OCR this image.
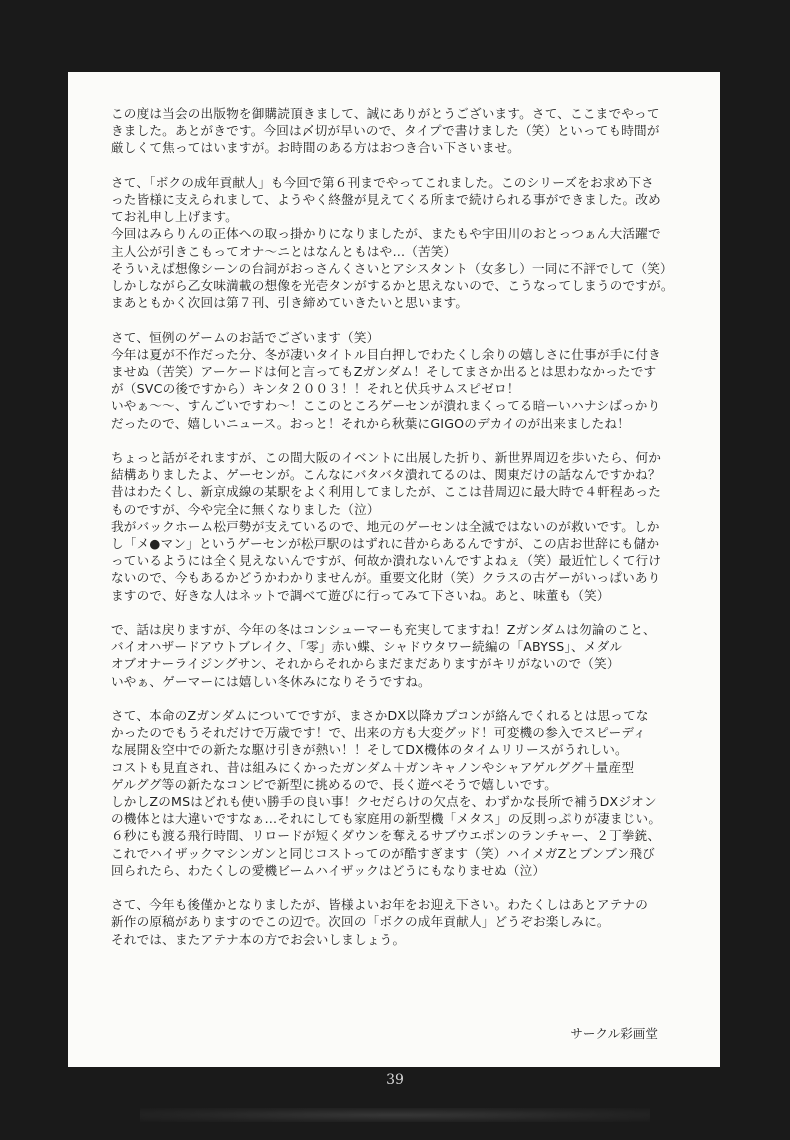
この度は当会の出版物を御購読頂きまして、誠にありがとうございます。さて、ここまでやって
きました。あとがきです。今回は〆切が早いので、タイプで書けました（笑）といっても時間が
厳しくて焦ってはいますが。お時間のある方はおつき合い下さいませ。
さて、「ボクの成年貢献人」も今回で第６刊までやってこれました。このシリーズをお求め下さ
った皆様に支えられまして、ようやく終盤が見えてくる所まで続けられる事ができました。改め
てお礼申し上げます。
今回はみらりんの正体への取っ掛かりになりましたが、またもや宇田川のおとっつぁん大活躍で
主人公が引きこもってオナ～ニとはなんともはや…（苦笑）
そういえば想像シーンの台詞がおっさんくさいとアシスタント（女多し）一同に不評でして（笑）
しかしながら乙女味満載の想像を光壱タンがするかと思えないので、こうなってしまうのですが。
まあともかく次回は第７刊、引き締めていきたいと思います。
さて、恒例のゲームのお話でございます（笑）
今年は夏が不作だった分、冬が凄いタイトル目白押しでわたくし余りの嬉しさに仕事が手に付き
ませぬ（苦笑）アーケードは何と言ってもZガンダム！そしてまさか出るとは思わなかったです
が（SVCの後ですから）キンタ２００３！！それと伏兵サムスピゼロ！
いやぁ～～、すんごいですわ～！ここのところゲーセンが潰れまくってる暗ーいハナシばっかり
だったので、嬉しいニュース。おっと！それから秋葉にGIGOのデカイのが出来ましたね！
ちょっと話がそれますが、この間大阪のイベントに出展した折り、新世界周辺を歩いたら、何か
結構ありましたよ、ゲーセンが。こんなにバタバタ潰れてるのは、関東だけの話なんですかね？
昔はわたくし、新京成線の某駅をよく利用してましたが、ここは昔周辺に最大時で４軒程あった
ものですが、今や完全に無くなりました（泣）
我がバックホーム松戸勢が支えているので、地元のゲーセンは全滅ではないのが救いです。しか
し「メ●マン」というゲーセンが松戸駅のはずれに昔からあるんですが、この店お世辞にも儲か
っているようには全く見えないんですが、何故か潰れないんですよねぇ（笑）最近忙しくて行け
ないので、今もあるかどうかわかりませんが。重要文化財（笑）クラスの古ゲーがいっぱいあり
ますので、好きな人はネットで調べて遊びに行ってみて下さいね。あと、味董も（笑）
で、話は戻りますが、今年の冬はコンシューマーも充実してますね！Zガンダムは勿論のこと、
バイオハザードアウトブレイク、「零」赤い蝶、シャドウタワー続編の「ABYSS」、メダル
オブオナーライジングサン、それからそれからまだまだありますがキリがないので（笑）
いやぁ、ゲーマーには嬉しい冬休みになりそうですね。
さて、本命のZガンダムについてですが、まさかDX以降カプコンが絡んでくれるとは思ってな
かったのでもうそれだけで万歳です！で、出来の方も大変グッド！可変機の参入でスピーディ
な展開＆空中での新たな駆け引きが熱い！！そしてDX機体のタイムリリースがうれしい。
コストも見直され、昔は組みにくかったガンダム＋ガンキャノンやシャアゲルググ＋量産型
ゲルググ等の新たなコンビで新型に挑めるので、長く遊べそうで嬉しいです。
しかしZのMSはどれも使い勝手の良い事！クセだらけの欠点を、わずかな長所で補うDXジオン
の機体とは大違いですなぁ…それにしても家庭用の新型機「メタス」の反則っぷりが凄まじい。
６秒にも渡る飛行時間、リロードが短くダウンを奪えるサブウエポンのランチャー、２丁拳銃、
これでハイザックマシンガンと同じコストってのが酷すぎます（笑）ハイメガZとブンブン飛び
回られたら、わたくしの愛機ビームハイザックはどうにもなりませぬ（泣）
さて、今年も後僅かとなりましたが、皆様よいお年をお迎え下さい。わたくしはあとアテナの
新作の原稿がありますのでこの辺で。次回の「ボクの成年貢献人」どうぞお楽しみに。
それでは、またアテナ本の方でお会いしましょう。
サークル彩画堂
39
